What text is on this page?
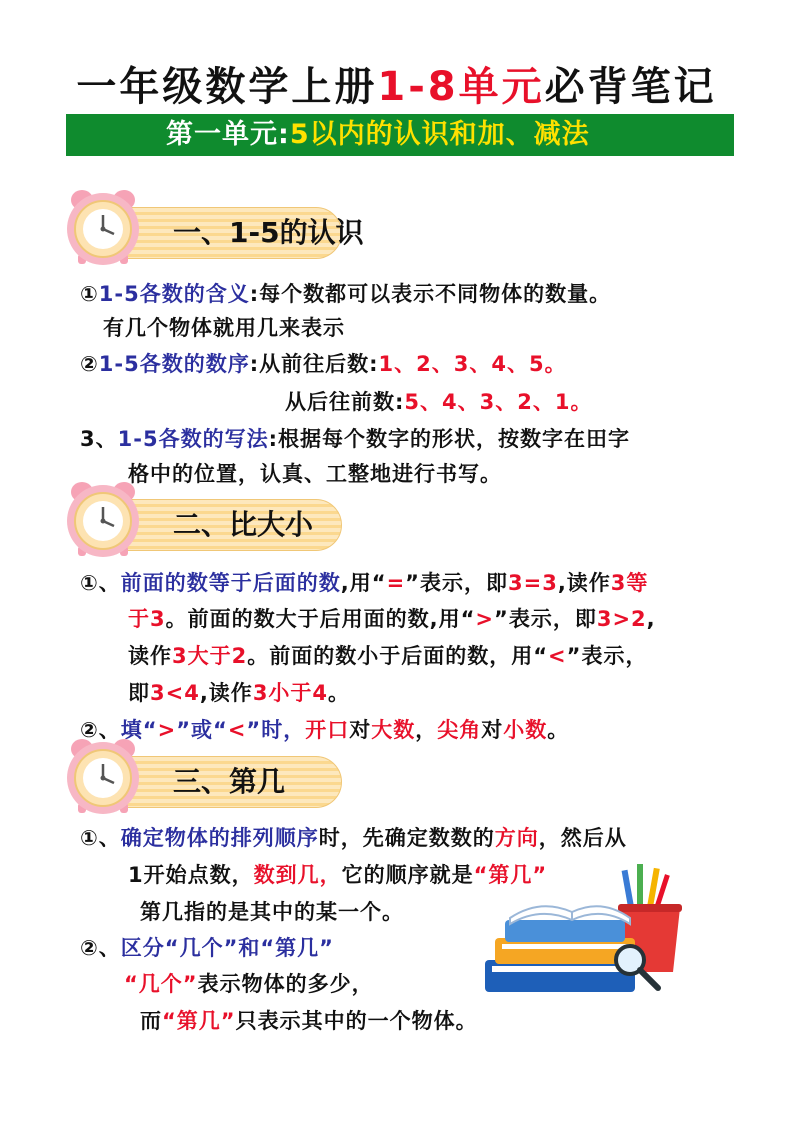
一年级数学上册1-8单元必背笔记
第一单元:5以内的认识和加、减法
一、1-5的认识
①1-5各数的含义:每个数都可以表示不同物体的数量。
有几个物体就用几来表示
②1-5各数的数序:从前往后数:1、2、3、4、5。
从后往前数:5、4、3、2、1。
3、1-5各数的写法:根据每个数字的形状，按数字在田字
格中的位置，认真、工整地进行书写。
二、比大小
①、前面的数等于后面的数,用“=”表示，即3=3,读作3等
于3。前面的数大于后用面的数,用“>”表示，即3>2,
读作3大于2。前面的数小于后面的数，用“<”表示，
即3<4,读作3小于4。
②、填“>”或“<”时，开口对大数，尖角对小数。
三、第几
①、确定物体的排列顺序时，先确定数数的方向，然后从
1开始点数，数到几，它的顺序就是“第几”
第几指的是其中的某一个。
②、区分“几个”和“第几”
“几个”表示物体的多少，
而“第几”只表示其中的一个物体。
